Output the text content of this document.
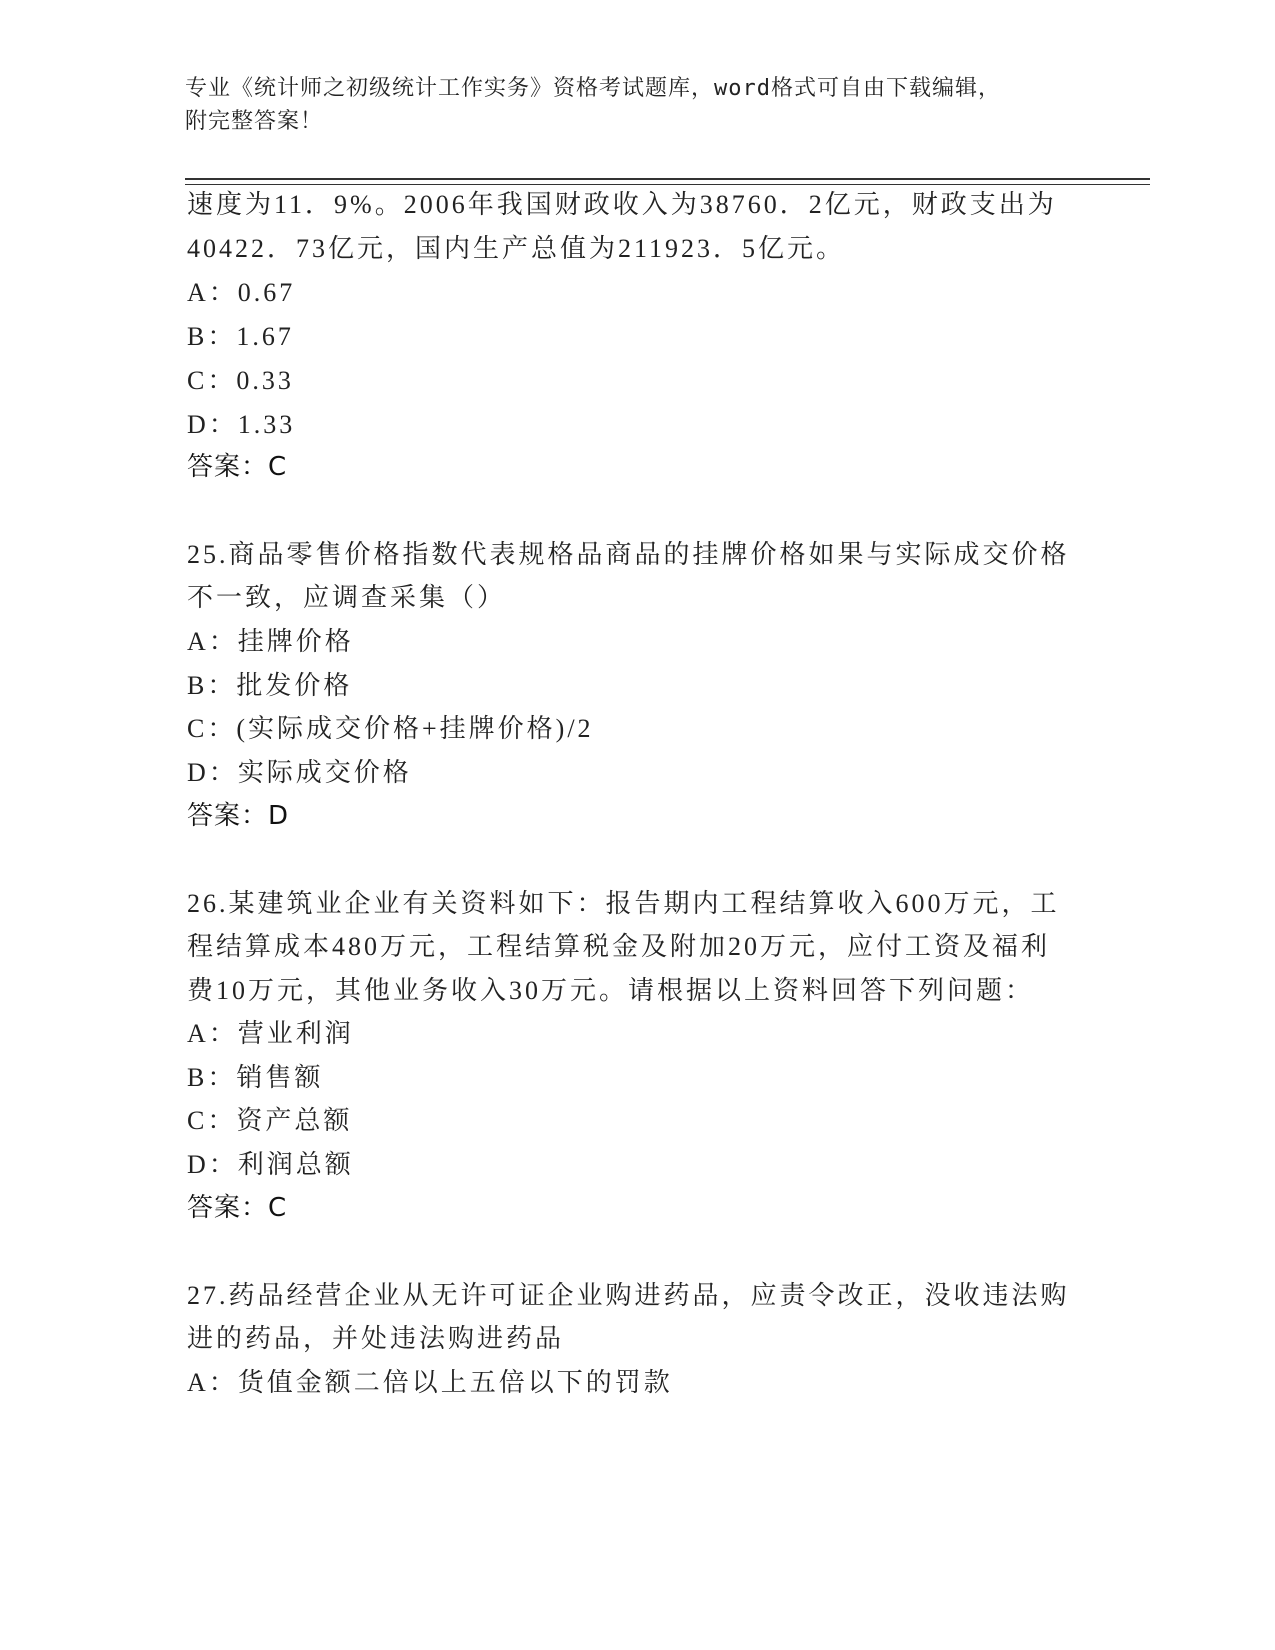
专业《统计师之初级统计工作实务》资格考试题库，word格式可自由下载编辑，
附完整答案！
速度为11．9%。2006年我国财政收入为38760．2亿元，财政支出为
40422．73亿元，国内生产总值为211923．5亿元。
A：0.67
B：1.67
C：0.33
D：1.33
答案：C
25.商品零售价格指数代表规格品商品的挂牌价格如果与实际成交价格
不一致，应调查采集（）
A：挂牌价格
B：批发价格
C：(实际成交价格+挂牌价格)/2
D：实际成交价格
答案：D
26.某建筑业企业有关资料如下：报告期内工程结算收入600万元，工
程结算成本480万元，工程结算税金及附加20万元，应付工资及福利
费10万元，其他业务收入30万元。请根据以上资料回答下列问题：
A：营业利润
B：销售额
C：资产总额
D：利润总额
答案：C
27.药品经营企业从无许可证企业购进药品，应责令改正，没收违法购
进的药品，并处违法购进药品
A：货值金额二倍以上五倍以下的罚款
